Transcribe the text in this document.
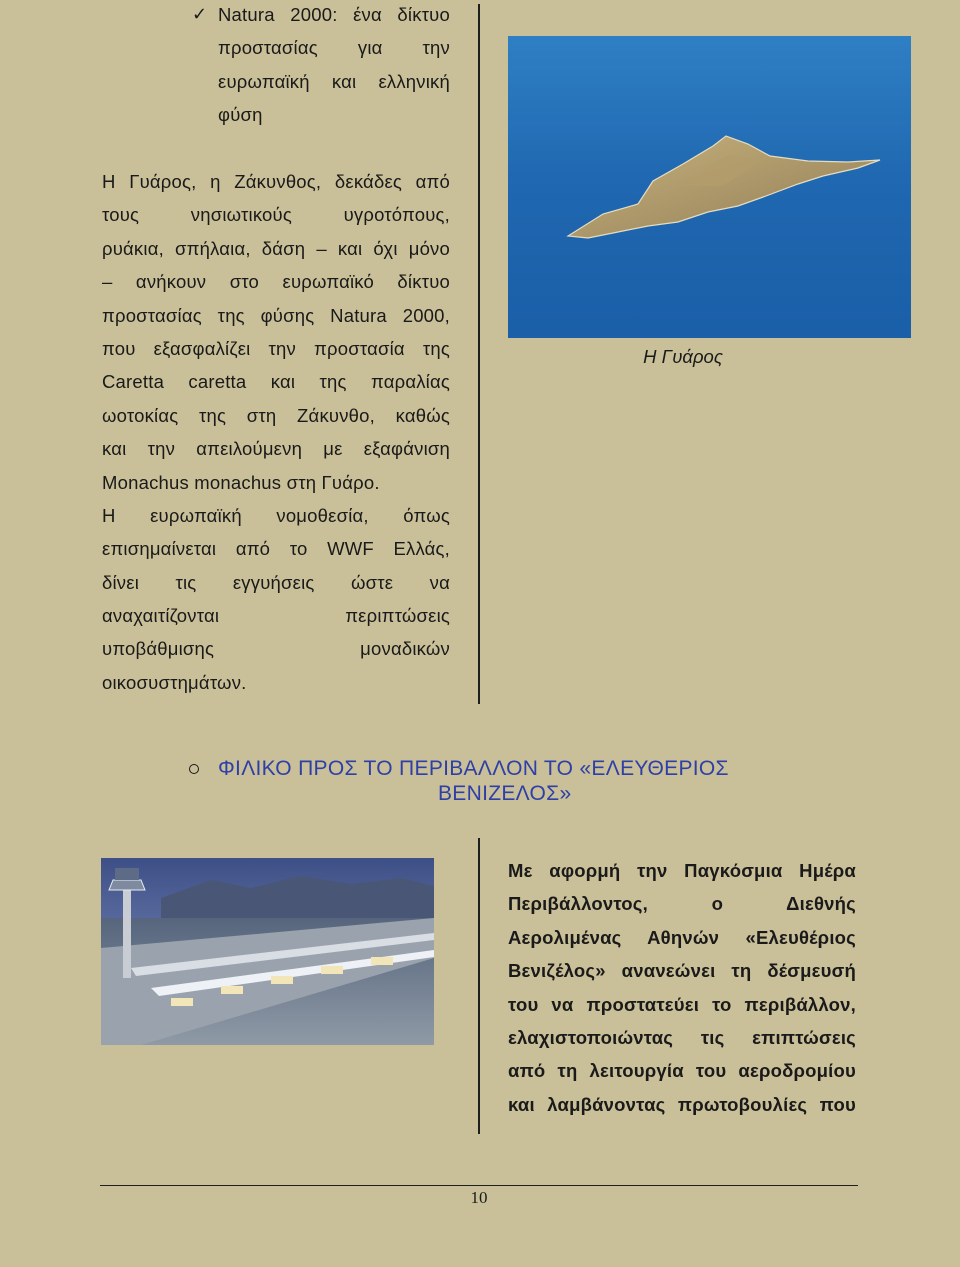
✓ Natura 2000: ένα δίκτυο
προστασίας για την
ευρωπαϊκή και ελληνική
φύση
Η Γυάρος, η Ζάκυνθος, δεκάδες από
τους νησιωτικούς υγροτόπους,
ρυάκια, σπήλαια, δάση – και όχι μόνο
– ανήκουν στο ευρωπαϊκό δίκτυο
προστασίας της φύσης Natura 2000,
που εξασφαλίζει την προστασία της
Caretta caretta και της παραλίας
ωοτοκίας της στη Ζάκυνθο, καθώς
και την απειλούμενη με εξαφάνιση
Monachus monachus στη Γυάρο.
Η ευρωπαϊκή νομοθεσία, όπως
επισημαίνεται από το WWF Ελλάς,
δίνει τις εγγυήσεις ώστε να
αναχαιτίζονται περιπτώσεις
υποβάθμισης μοναδικών
οικοσυστημάτων.
Η Γυάρος
ΦΙΛΙΚΟ ΠΡΟΣ ΤΟ ΠΕΡΙΒΑΛΛΟΝ ΤΟ «ΕΛΕΥΘΕΡΙΟΣ
ΒΕΝΙΖΕΛΟΣ»
Με αφορμή την Παγκόσμια Ημέρα
Περιβάλλοντος, ο Διεθνής
Αερολιμένας Αθηνών «Ελευθέριος
Βενιζέλος» ανανεώνει τη δέσμευσή
του να προστατεύει το περιβάλλον,
ελαχιστοποιώντας τις επιπτώσεις
από τη λειτουργία του αεροδρομίου
και λαμβάνοντας πρωτοβουλίες που
10
